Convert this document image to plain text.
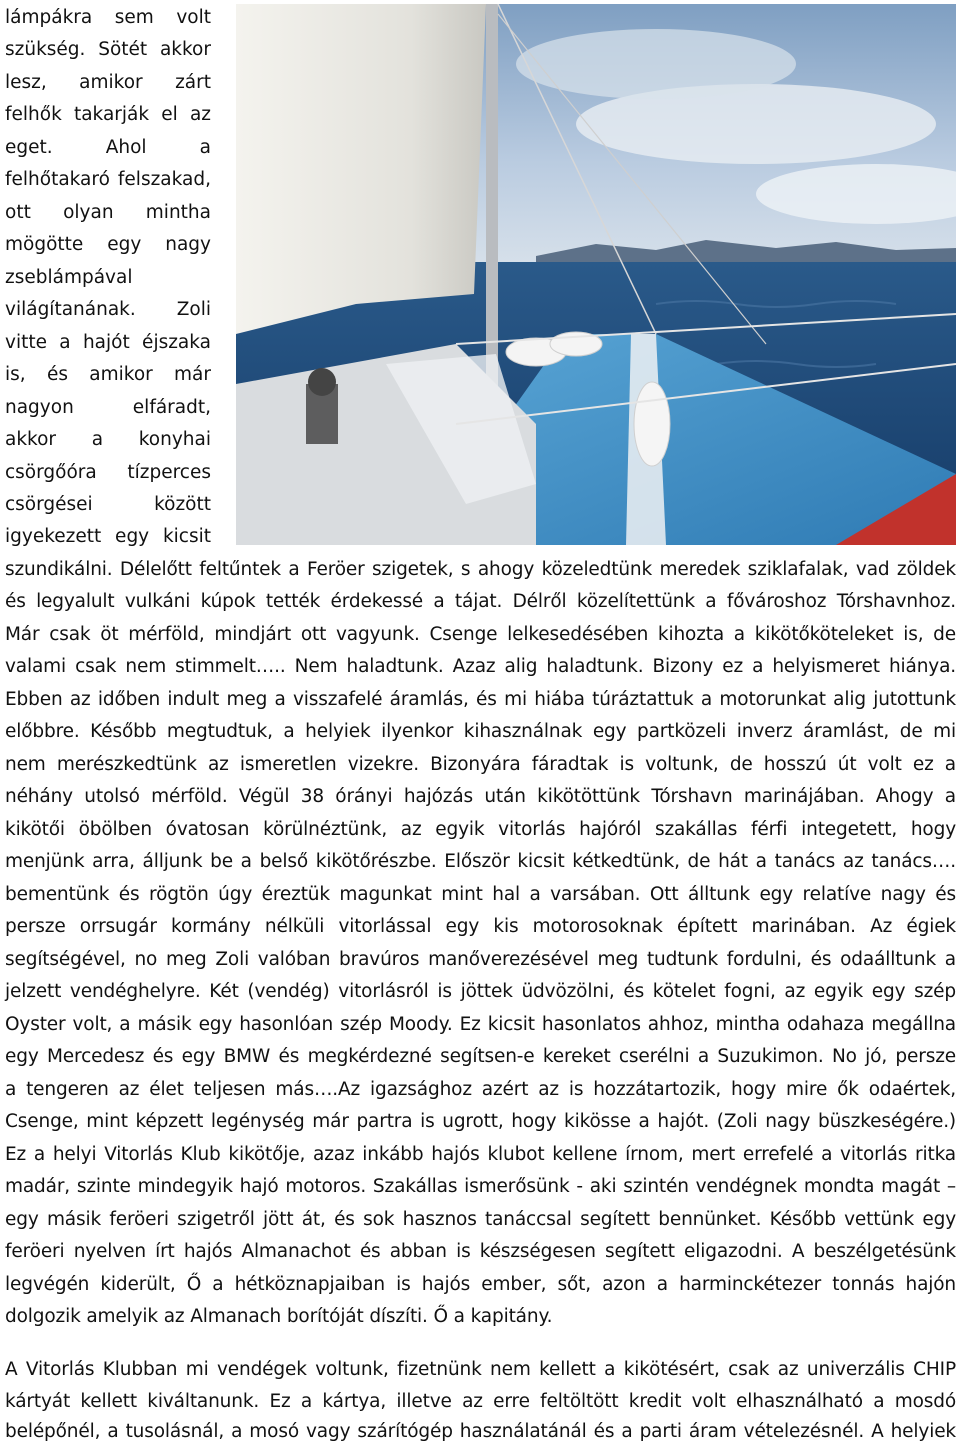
lámpákra sem volt
szükség. Sötét akkor
lesz, amikor zárt
felhők takarják el az
eget. Ahol a
felhőtakaró felszakad,
ott olyan mintha
mögötte egy nagy
zseblámpával
világítanának. Zoli
vitte a hajót éjszaka
is, és amikor már
nagyon elfáradt,
akkor a konyhai
csörgőóra tízperces
csörgései között
igyekezett egy kicsit
szundikálni. Délelőtt feltűntek a Feröer szigetek, s ahogy közeledtünk meredek sziklafalak, vad zöldek
és legyalult vulkáni kúpok tették érdekessé a tájat. Délről közelítettünk a fővároshoz Tórshavnhoz.
Már csak öt mérföld, mindjárt ott vagyunk. Csenge lelkesedésében kihozta a kikötőköteleket is, de
valami csak nem stimmelt….. Nem haladtunk. Azaz alig haladtunk. Bizony ez a helyismeret hiánya.
Ebben az időben indult meg a visszafelé áramlás, és mi hiába túráztattuk a motorunkat alig jutottunk
előbbre. Később megtudtuk, a helyiek ilyenkor kihasználnak egy partközeli inverz áramlást, de mi
nem merészkedtünk az ismeretlen vizekre. Bizonyára fáradtak is voltunk, de hosszú út volt ez a
néhány utolsó mérföld. Végül 38 órányi hajózás után kikötöttünk Tórshavn marinájában. Ahogy a
kikötői öbölben óvatosan körülnéztünk, az egyik vitorlás hajóról szakállas férfi integetett, hogy
menjünk arra, álljunk be a belső kikötőrészbe. Először kicsit kétkedtünk, de hát a tanács az tanács….
bementünk és rögtön úgy éreztük magunkat mint hal a varsában. Ott álltunk egy relatíve nagy és
persze orrsugár kormány nélküli vitorlással egy kis motorosoknak épített marinában. Az égiek
segítségével, no meg Zoli valóban bravúros manőverezésével meg tudtunk fordulni, és odaálltunk a
jelzett vendéghelyre. Két (vendég) vitorlásról is jöttek üdvözölni, és kötelet fogni, az egyik egy szép
Oyster volt, a másik egy hasonlóan szép Moody. Ez kicsit hasonlatos ahhoz, mintha odahaza megállna
egy Mercedesz és egy BMW és megkérdezné segítsen-e kereket cserélni a Suzukimon. No jó, persze
a tengeren az élet teljesen más….Az igazsághoz azért az is hozzátartozik, hogy mire ők odaértek,
Csenge, mint képzett legénység már partra is ugrott, hogy kikösse a hajót. (Zoli nagy büszkeségére.)
Ez a helyi Vitorlás Klub kikötője, azaz inkább hajós klubot kellene írnom, mert errefelé a vitorlás ritka
madár, szinte mindegyik hajó motoros. Szakállas ismerősünk - aki szintén vendégnek mondta magát –
egy másik feröeri szigetről jött át, és sok hasznos tanáccsal segített bennünket. Később vettünk egy
feröeri nyelven írt hajós Almanachot és abban is készségesen segített eligazodni. A beszélgetésünk
legvégén kiderült, Ő a hétköznapjaiban is hajós ember, sőt, azon a harminckétezer tonnás hajón
dolgozik amelyik az Almanach borítóját díszíti. Ő a kapitány.
A Vitorlás Klubban mi vendégek voltunk, fizetnünk nem kellett a kikötésért, csak az univerzális CHIP
kártyát kellett kiváltanunk. Ez a kártya, illetve az erre feltöltött kredit volt elhasználható a mosdó
belépőnél, a tusolásnál, a mosó vagy szárítógép használatánál és a parti áram vételezésnél. A helyiek
